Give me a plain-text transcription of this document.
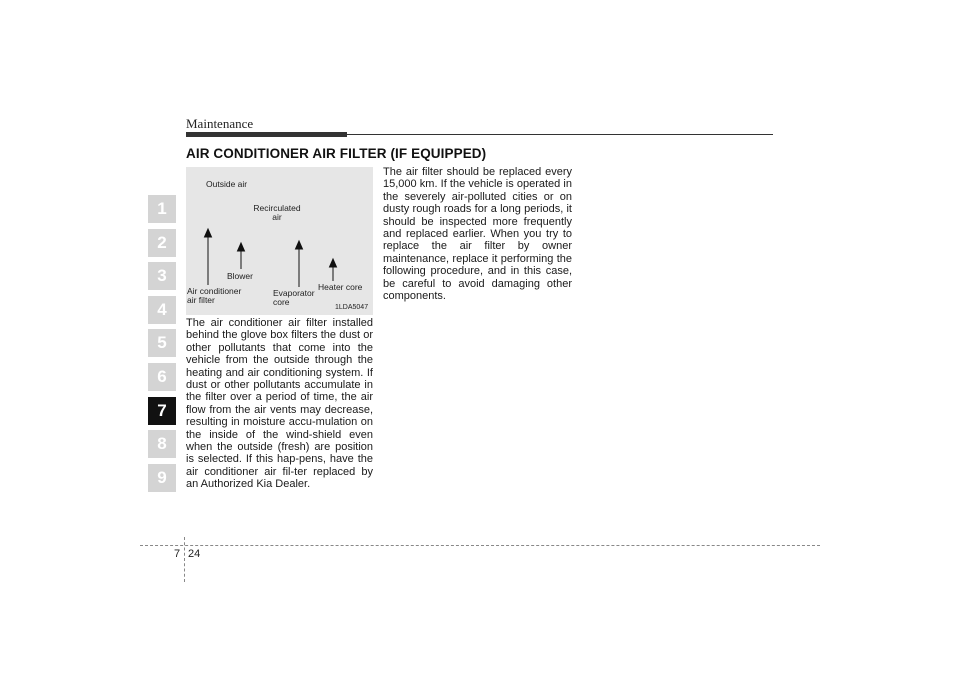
Maintenance
AIR CONDITIONER AIR FILTER (IF EQUIPPED)
1
2
3
4
5
6
7
8
9
Outside air
Recirculated air
Blower
Air conditioner air filter
Evaporator core
Heater core
1LDA5047

The air conditioner air filter installed behind the glove box filters the dust or other pollutants that come into the vehicle from the outside through the heating and air conditioning system. If dust or other pollutants accumulate in the filter over a period of time, the air flow from the air vents may decrease, resulting in moisture accu-mulation on the inside of the wind-shield even when the outside (fresh) are position is selected. If this hap-pens, have the air conditioner air fil-ter replaced by an Authorized Kia Dealer.

The air filter should be replaced every 15,000 km. If the vehicle is operated in the severely air-polluted cities or on dusty rough roads for a long periods, it should be inspected more frequently and replaced earlier. When you try to replace the air filter by owner maintenance, replace it performing the following procedure, and in this case, be careful to avoid damaging other components.

7 24
